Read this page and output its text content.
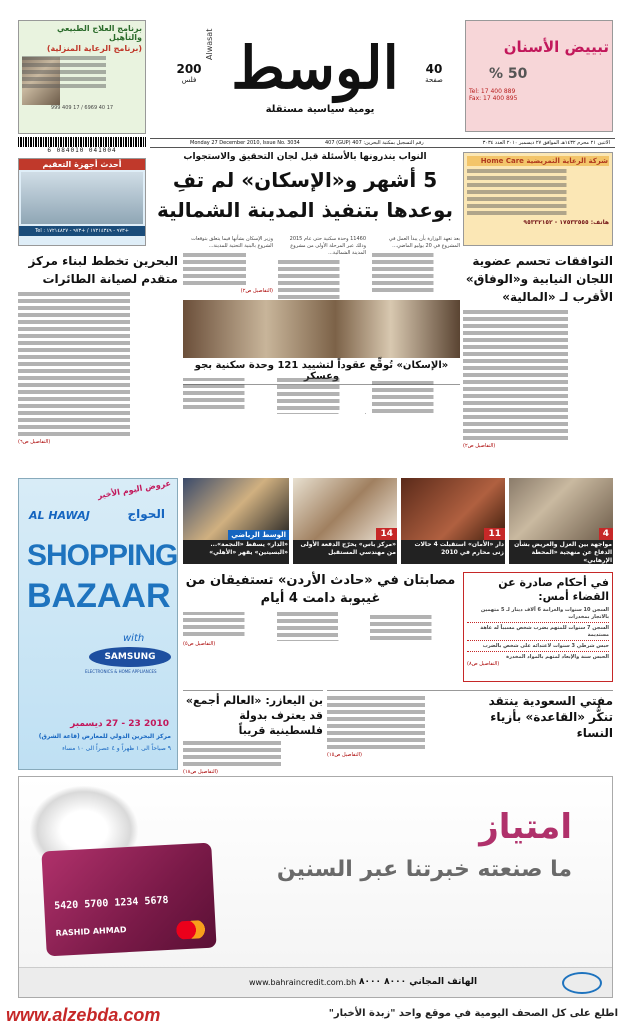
برنامج العلاج الطبيعي والتأهيل
(برنامج الرعاية المنزلية)
17 40 6969 / 17 409 999
تبييض الأسنان
50 %
Tel: 17 400 889
Fax: 17 400 895
200
فلس الوسط
Alwasat
يومية سياسية مستقلة
40
صفحة
Monday 27 December 2010, Issue No. 3034	رقم التسجيل بمكتبة البحرين: 407 (GUP) 407	الاثنين ٢١ محرم ١٤٣٢هـ الموافق ٢٧ ديسمبر ٢٠١٠ العدد ٣٠٣٤
6 084010 041004
أحدث أجهزة التعقيم
+٩٧٣ - ١٧٢١٤٣٤٩ / +٩٧٣ - ١٧٢١٤٨٢٧ : Tel
شركة الرعاية التمريضية Home Care
هاتف: ١٧٥٣٣٥٥٥ - ٩٥٣٣٢١٥٢
النواب ينذرونها بالأسئلة قبل لجان التحقيق والاستجواب
5 أشهر و«الإسكان» لم تفِ
بوعدها بتنفيذ المدينة الشمالية
بعد تعهد الوزارة بأن يبدأ العمل في المشروع في 20 يوليو الماضي...
11460 وحدة سكنية حتى عام 2015 وذلك عبر المرحلة الأولى من مشروع المدينة الشمالية...
وزير الإسكان بشأنها فيما يتعلق بتوقعات الشروع بالبنية التحتية للمدينة...
(التفاصيل ص٢)
«الإسكان» تُوقِّع عقوداً لتشييد 121 وحدة سكنية بجو وعسكر
التوافقات تحسم عضوية اللجان النيابية و«الوفاق» الأقرب لـ «المالية»
(التفاصيل ص٢)
البحرين تخطط لبناء مركز متقدم لصيانة الطائرات
(التفاصيل ص٦)
4
مواجهة بين الغزل والعريض بشأن الدفاع عن منهجية «المحطة الإرهابي»
11
دار «الأمان» استقبلت 4 حالات زنى محارم في 2010
14
«مركز باس» يخرّج الدفعة الأولى من مهندسي المستقبل
الوسط الرياضي
«الدار» يسقط «النجمة»... «البسيتين» يقهر «الأهلي»
عروض اليوم الأخير
AL HAWAJ	الحواج
SHOPPING
BAZAAR
with
SAMSUNG
ELECTRONICS & HOME APPLIANCES
2010 23 - 27 ديسمبر
مركز البحرين الدولي للمعارض (قاعة الشرق)
٩ صباحاً الى ١ ظهراً و ٤ عصراً الى ١٠ مساء
مصابتان في «حادث الأردن» تستفيقان من غيبوبة دامت 4 أيام
(التفاصيل ص٥)
في أحكام صادرة عن القضاء أمس:
السجن 10 سنوات والغرامة 6 آلاف دينار لـ 5 متهمين بالاتجار بمخدرات
السجن 7 سنوات للمتهم بضرب شخص مسبباً له عاهة مستديمة
حبس شرطي 3 سنوات لاعتدائه على شخص بالضرب
الحبس سنة والإبعاد لمتهم بالمواد المخدرة
(التفاصيل ص٨)
مفتي السعودية ينتقد تنكُّر «القاعدة» بأزياء النساء
(التفاصيل ص١٥)
بن اليعازر: «العالم أجمع» قد يعترف بدولة فلسطينية قريباً
(التفاصيل ص١٨)
5420 5700 1234 5678
RASHID AHMAD
امتياز
ما صنعته خبرتنا عبر السنين
www.bahraincredit.com.bh الهاتف المجاني ٨٠٠٠ ٨٠٠٠
www.alzebda.com	اطلع على كل الصحف اليومية في موقع واحد "زبدة الأخبار"
